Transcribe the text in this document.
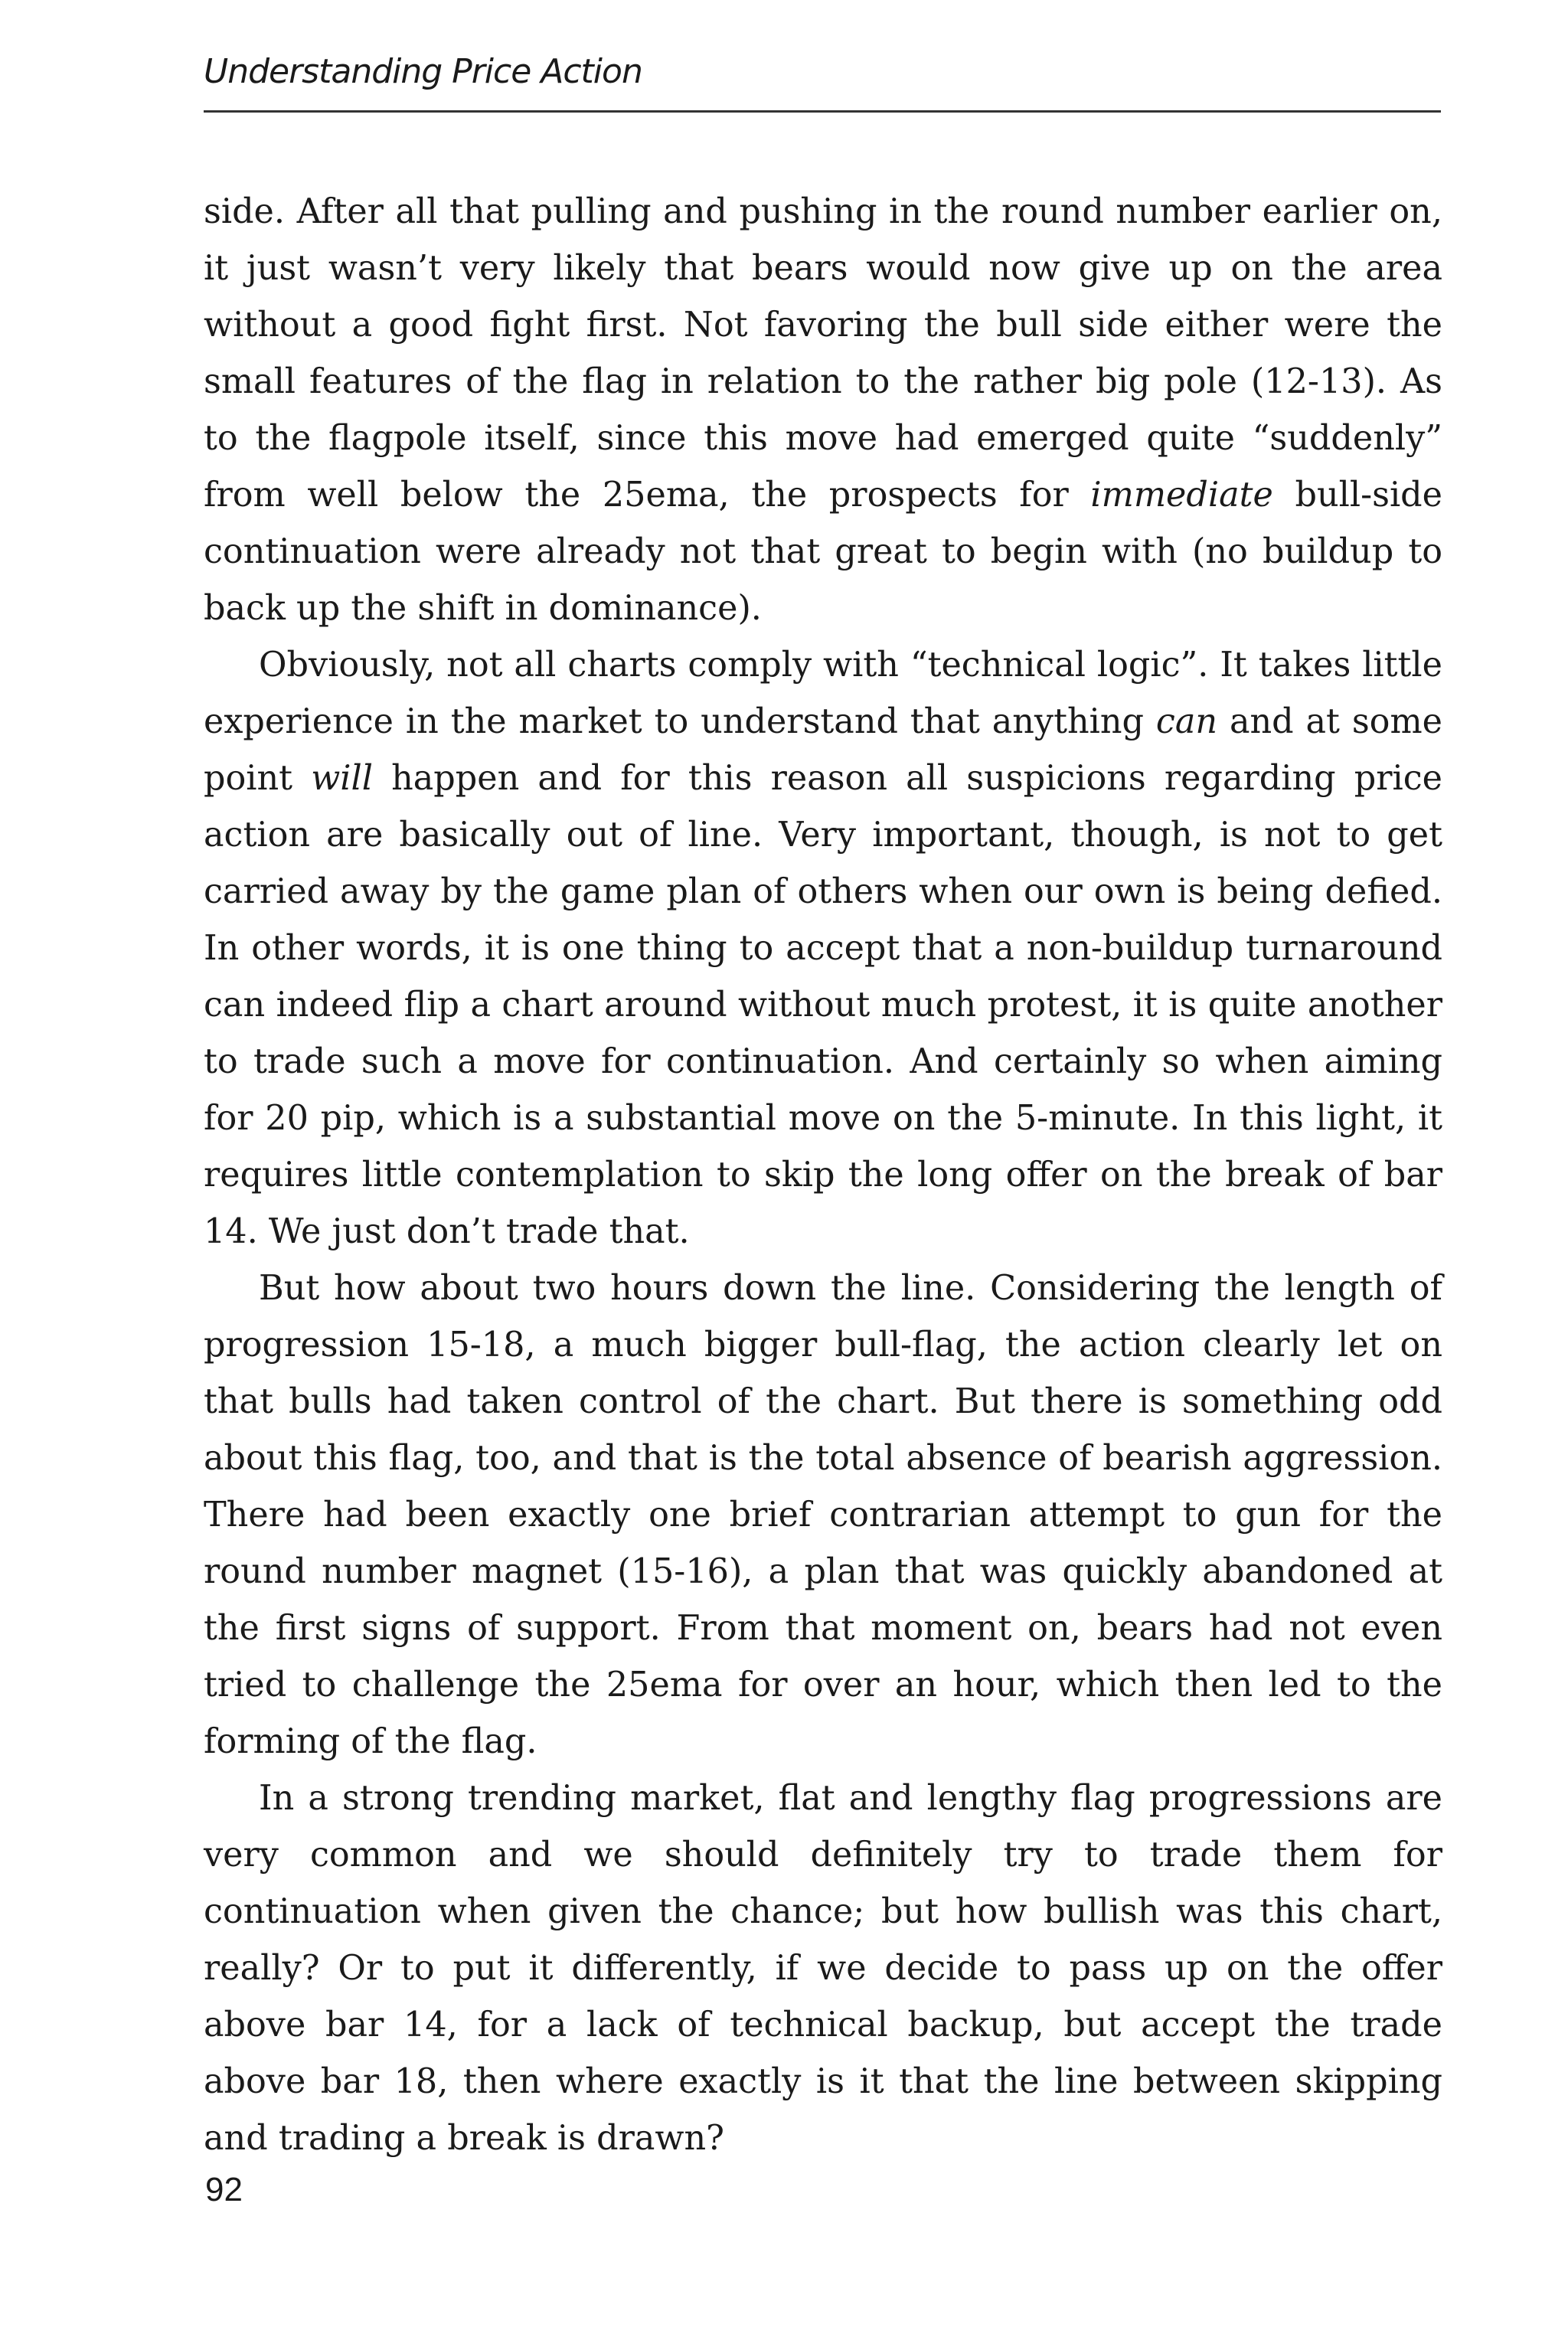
Understanding Price Action

side. After all that pulling and pushing in the round number earlier on, it just wasn’t very likely that bears would now give up on the area without a good fight first. Not favoring the bull side either were the small features of the flag in relation to the rather big pole (12-13). As to the flagpole itself, since this move had emerged quite “suddenly” from well below the 25ema, the prospects for immediate bull-side continuation were already not that great to begin with (no buildup to back up the shift in dominance).

Obviously, not all charts comply with “technical logic”. It takes little experience in the market to understand that anything can and at some point will happen and for this reason all suspicions regarding price action are basically out of line. Very important, though, is not to get carried away by the game plan of others when our own is being defied. In other words, it is one thing to accept that a non-buildup turnaround can indeed flip a chart around without much protest, it is quite another to trade such a move for continuation. And certainly so when aiming for 20 pip, which is a substantial move on the 5-minute. In this light, it requires little contemplation to skip the long offer on the break of bar 14. We just don’t trade that.

But how about two hours down the line. Considering the length of progression 15-18, a much bigger bull-flag, the action clearly let on that bulls had taken control of the chart. But there is something odd about this flag, too, and that is the total absence of bearish aggression. There had been exactly one brief contrarian attempt to gun for the round number magnet (15-16), a plan that was quickly abandoned at the first signs of support. From that moment on, bears had not even tried to challenge the 25ema for over an hour, which then led to the forming of the flag.

In a strong trending market, flat and lengthy flag progressions are very common and we should definitely try to trade them for continuation when given the chance; but how bullish was this chart, really? Or to put it differently, if we decide to pass up on the offer above bar 14, for a lack of technical backup, but accept the trade above bar 18, then where exactly is it that the line between skipping and trading a break is drawn?

92
